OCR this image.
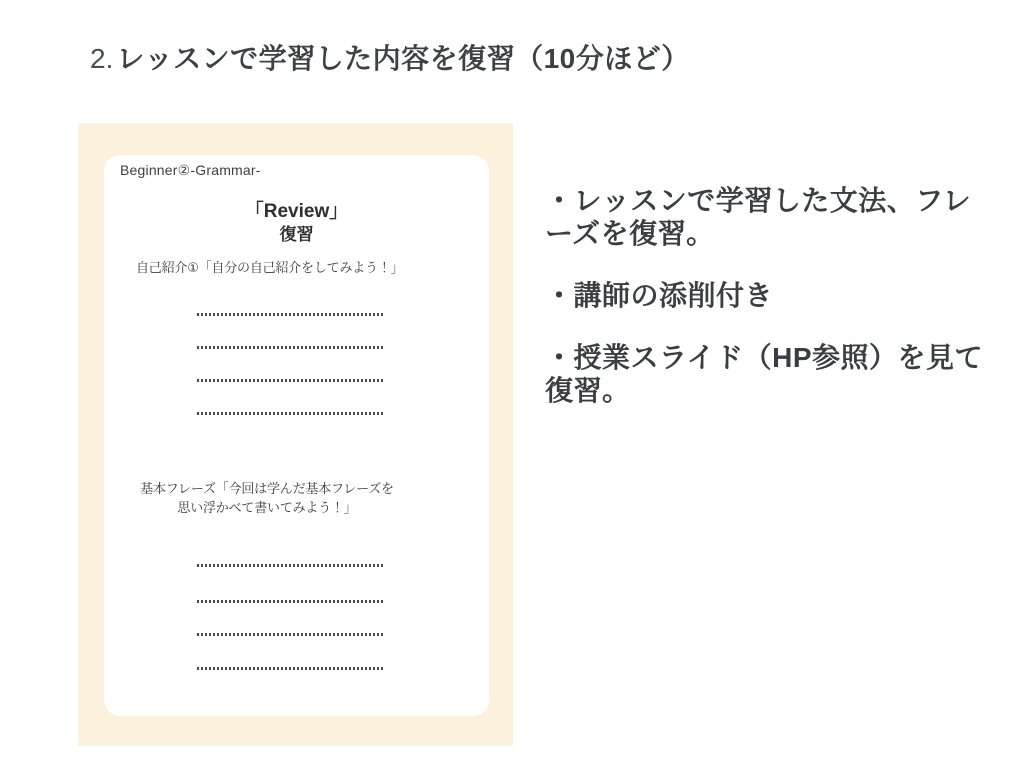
2. レッスンで学習した内容を復習（10分ほど）
Beginner②-Grammar-
「Review」
復習
自己紹介①「自分の自己紹介をしてみよう！」
基本フレーズ「今回は学んだ基本フレーズを
思い浮かべて書いてみよう！」
・レッスンで学習した文法、フレ
ーズを復習。
・講師の添削付き
・授業スライド（HP参照）を見て
復習。
